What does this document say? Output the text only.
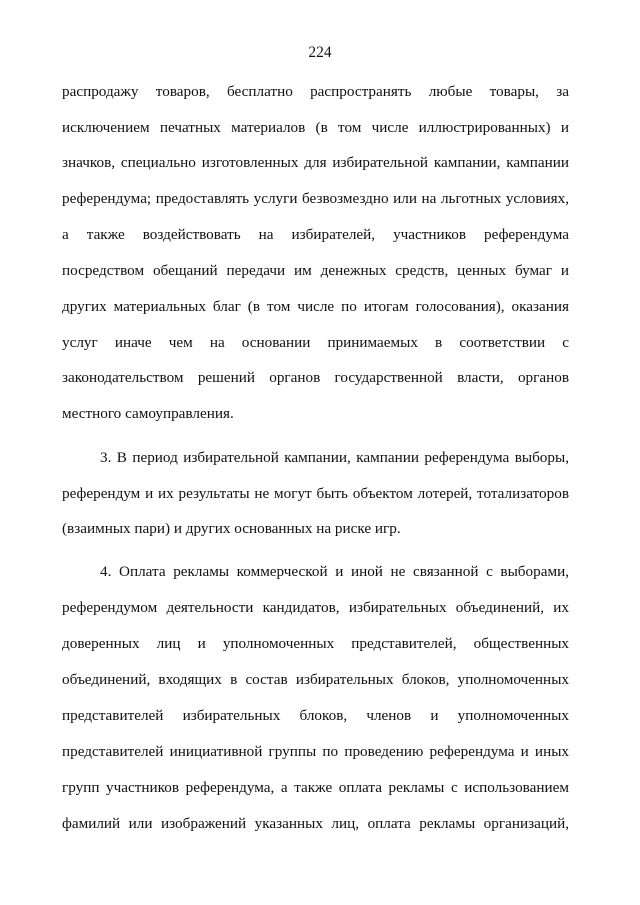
224
распродажу товаров, бесплатно распространять любые товары, за
исключением печатных материалов (в том числе иллюстрированных) и
значков, специально изготовленных для избирательной кампании, кампании
референдума; предоставлять услуги безвозмездно или на льготных условиях,
а также воздействовать на избирателей, участников референдума
посредством обещаний передачи им денежных средств, ценных бумаг и
других материальных благ (в том числе по итогам голосования), оказания
услуг иначе чем на основании принимаемых в соответствии с
законодательством решений органов государственной власти, органов
местного самоуправления.
3. В период избирательной кампании, кампании референдума выборы,
референдум и их результаты не могут быть объектом лотерей, тотализаторов
(взаимных пари) и других основанных на риске игр.
4. Оплата рекламы коммерческой и иной не связанной с выборами,
референдумом деятельности кандидатов, избирательных объединений, их
доверенных лиц и уполномоченных представителей, общественных
объединений, входящих в состав избирательных блоков, уполномоченных
представителей избирательных блоков, членов и уполномоченных
представителей инициативной группы по проведению референдума и иных
групп участников референдума, а также оплата рекламы с использованием
фамилий или изображений указанных лиц, оплата рекламы организаций,
